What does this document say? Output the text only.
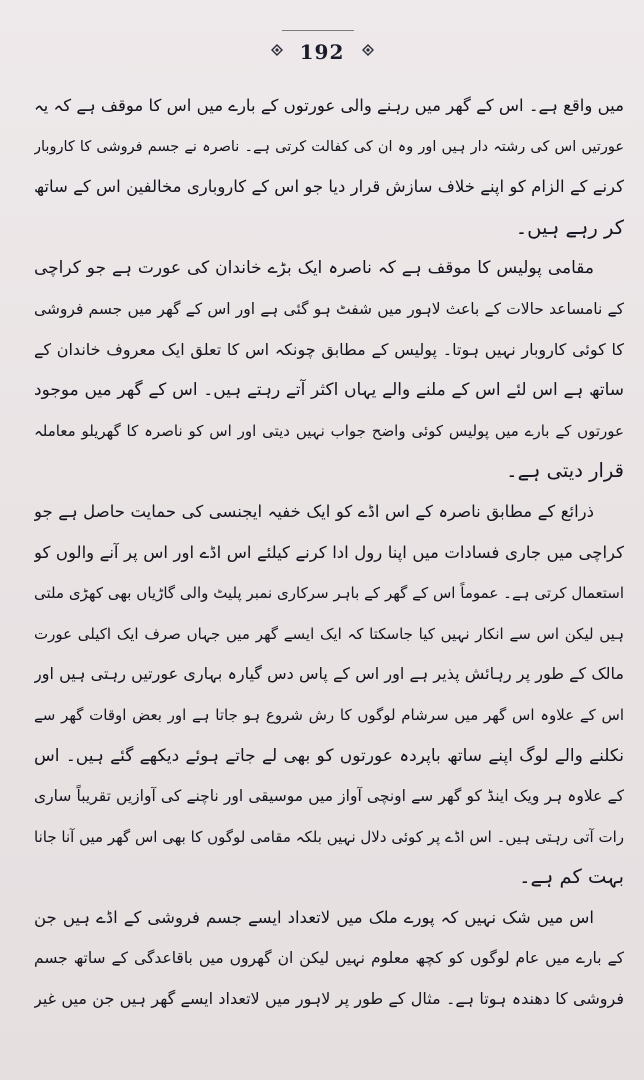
192
میں واقع ہے۔ اس کے گھر میں رہنے والی عورتوں کے بارے میں اس کا موقف ہے کہ یہ
عورتیں اس کی رشتہ دار ہیں اور وہ ان کی کفالت کرتی ہے۔ ناصرہ نے جسم فروشی کا کاروبار
کرنے کے الزام کو اپنے خلاف سازش قرار دیا جو اس کے کاروباری مخالفین اس کے ساتھ
کر رہے ہیں۔
مقامی پولیس کا موقف ہے کہ ناصرہ ایک بڑے خاندان کی عورت ہے جو کراچی
کے نامساعد حالات کے باعث لاہور میں شفٹ ہو گئی ہے اور اس کے گھر میں جسم فروشی
کا کوئی کاروبار نہیں ہوتا۔ پولیس کے مطابق چونکہ اس کا تعلق ایک معروف خاندان کے
ساتھ ہے اس لئے اس کے ملنے والے یہاں اکثر آتے رہتے ہیں۔ اس کے گھر میں موجود
عورتوں کے بارے میں پولیس کوئی واضح جواب نہیں دیتی اور اس کو ناصرہ کا گھریلو معاملہ
قرار دیتی ہے۔
ذرائع کے مطابق ناصرہ کے اس اڈے کو ایک خفیہ ایجنسی کی حمایت حاصل ہے جو
کراچی میں جاری فسادات میں اپنا رول ادا کرنے کیلئے اس اڈے اور اس پر آنے والوں کو
استعمال کرتی ہے۔ عموماً اس کے گھر کے باہر سرکاری نمبر پلیٹ والی گاڑیاں بھی کھڑی ملتی
ہیں لیکن اس سے انکار نہیں کیا جاسکتا کہ ایک ایسے گھر میں جہاں صرف ایک اکیلی عورت
مالک کے طور پر رہائش پذیر ہے اور اس کے پاس دس گیارہ بہاری عورتیں رہتی ہیں اور
اس کے علاوہ اس گھر میں سرشام لوگوں کا رش شروع ہو جاتا ہے اور بعض اوقات گھر سے
نکلنے والے لوگ اپنے ساتھ باپردہ عورتوں کو بھی لے جاتے ہوئے دیکھے گئے ہیں۔ اس
کے علاوہ ہر ویک اینڈ کو گھر سے اونچی آواز میں موسیقی اور ناچنے کی آوازیں تقریباً ساری
رات آتی رہتی ہیں۔ اس اڈے پر کوئی دلال نہیں بلکہ مقامی لوگوں کا بھی اس گھر میں آنا جانا
بہت کم ہے۔
اس میں شک نہیں کہ پورے ملک میں لاتعداد ایسے جسم فروشی کے اڈے ہیں جن
کے بارے میں عام لوگوں کو کچھ معلوم نہیں لیکن ان گھروں میں باقاعدگی کے ساتھ جسم
فروشی کا دھندہ ہوتا ہے۔ مثال کے طور پر لاہور میں لاتعداد ایسے گھر ہیں جن میں غیر
